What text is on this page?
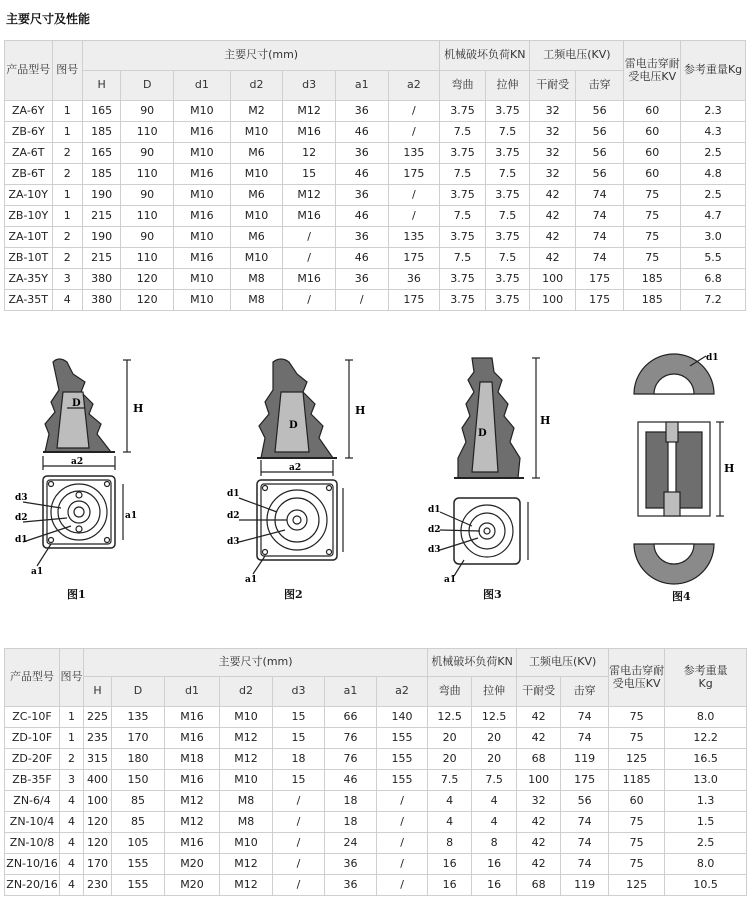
主要尺寸及性能
产品型号	图号	主要尺寸(mm)							机械破坏负荷KN		工频电压(KV)		雷电击穿耐受电压KV	参考重量Kg
		H	D	d1	d2	d3	a1	a2	弯曲	拉伸	干耐受	击穿		
ZA-6Y	1	165	90	M10	M2	M12	36	/	3.75	3.75	32	56	60	2.3
ZB-6Y	1	185	110	M16	M10	M16	46	/	7.5	7.5	32	56	60	4.3
ZA-6T	2	165	90	M10	M6	12	36	135	3.75	3.75	32	56	60	2.5
ZB-6T	2	185	110	M16	M10	15	46	175	7.5	7.5	32	56	60	4.8
ZA-10Y	1	190	90	M10	M6	M12	36	/	3.75	3.75	42	74	75	2.5
ZB-10Y	1	215	110	M16	M10	M16	46	/	7.5	7.5	42	74	75	4.7
ZA-10T	2	190	90	M10	M6	/	36	135	3.75	3.75	42	74	75	3.0
ZB-10T	2	215	110	M16	M10	/	46	175	7.5	7.5	42	74	75	5.5
ZA-35Y	3	380	120	M10	M8	M16	36	36	3.75	3.75	100	175	185	6.8
ZA-35T	4	380	120	M10	M8	/	/	175	3.75	3.75	100	175	185	7.2
H
D
a2
a1
d3
d2
d1
a1
图1
H
D
a2
d1
d2
d3
a1
图2
H
D
d1
d2
d3
a1
图3
d1
H
图4
产品型号	图号	主要尺寸(mm)							机械破坏负荷KN		工频电压(KV)		雷电击穿耐受电压KV	参考重量
Kg

		H	D	d1	d2	d3	a1	a2	弯曲	拉伸	干耐受	击穿		
ZC-10F	1	225	135	M16	M10	15	66	140	12.5	12.5	42	74	75	8.0
ZD-10F	1	235	170	M16	M12	15	76	155	20	20	42	74	75	12.2
ZD-20F	2	315	180	M18	M12	18	76	155	20	20	68	119	125	16.5
ZB-35F	3	400	150	M16	M10	15	46	155	7.5	7.5	100	175	1185	13.0
ZN-6/4	4	100	85	M12	M8	/	18	/	4	4	32	56	60	1.3
ZN-10/4	4	120	85	M12	M8	/	18	/	4	4	42	74	75	1.5
ZN-10/8	4	120	105	M16	M10	/	24	/	8	8	42	74	75	2.5
ZN-10/16	4	170	155	M20	M12	/	36	/	16	16	42	74	75	8.0
ZN-20/16	4	230	155	M20	M12	/	36	/	16	16	68	119	125	10.5
